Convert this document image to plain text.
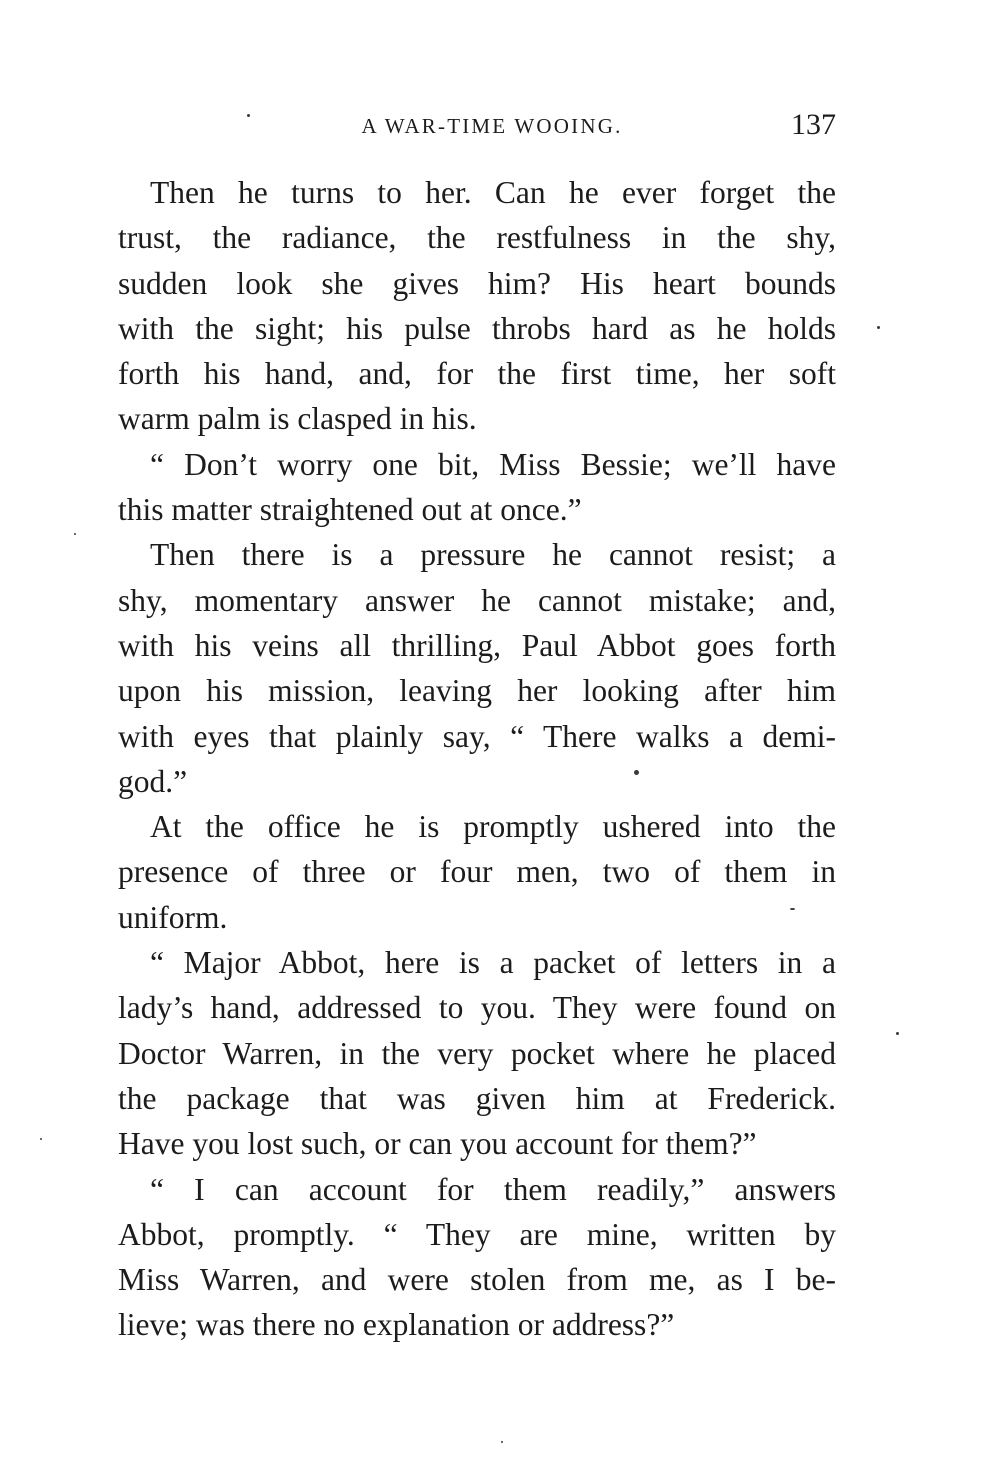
A WAR-TIME WOOING.	137
Then he turns to her. Can he ever forget the
trust, the radiance, the restfulness in the shy,
sudden look she gives him? His heart bounds
with the sight; his pulse throbs hard as he holds
forth his hand, and, for the first time, her soft
warm palm is clasped in his.
“ Don’t worry one bit, Miss Bessie; we’ll have
this matter straightened out at once.”
Then there is a pressure he cannot resist; a
shy, momentary answer he cannot mistake; and,
with his veins all thrilling, Paul Abbot goes forth
upon his mission, leaving her looking after him
with eyes that plainly say, “ There walks a demi-
god.”
At the office he is promptly ushered into the
presence of three or four men, two of them in
uniform.
“ Major Abbot, here is a packet of letters in a
lady’s hand, addressed to you. They were found on
Doctor Warren, in the very pocket where he placed
the package that was given him at Frederick.
Have you lost such, or can you account for them?”
“ I can account for them readily,” answers
Abbot, promptly. “ They are mine, written by
Miss Warren, and were stolen from me, as I be-
lieve; was there no explanation or address?”
